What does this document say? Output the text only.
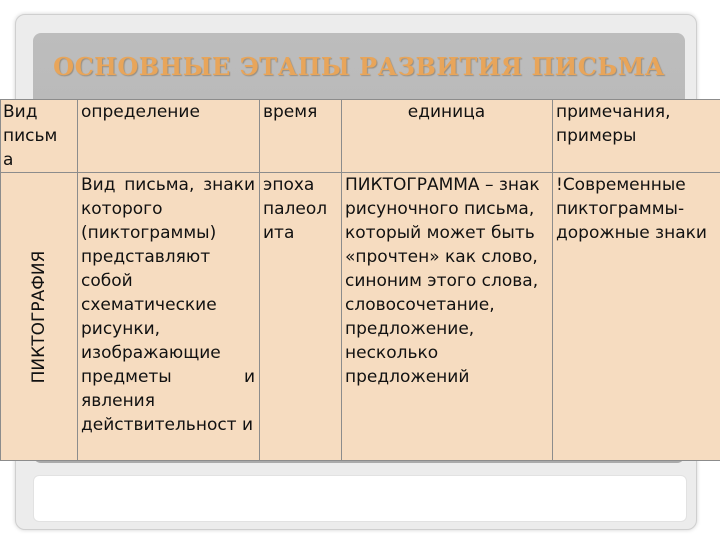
ОСНОВНЫЕ ЭТАПЫ РАЗВИТИЯ ПИСЬМА
Вид письм а	определение	время	единица	примечания, примеры

ПИКТОГРАФИЯ	Вид письма, знаки которого (пиктограммы) представляют собой схематические рисунки, изображающие предметы и явления действительност и	эпоха палеол ита	ПИКТОГРАММА – знак рисуночного письма, который может быть «прочтен» как слово, синоним этого слова, словосочетание, предложение, несколько предложений	!Современные пиктограммы-дорожные знаки
